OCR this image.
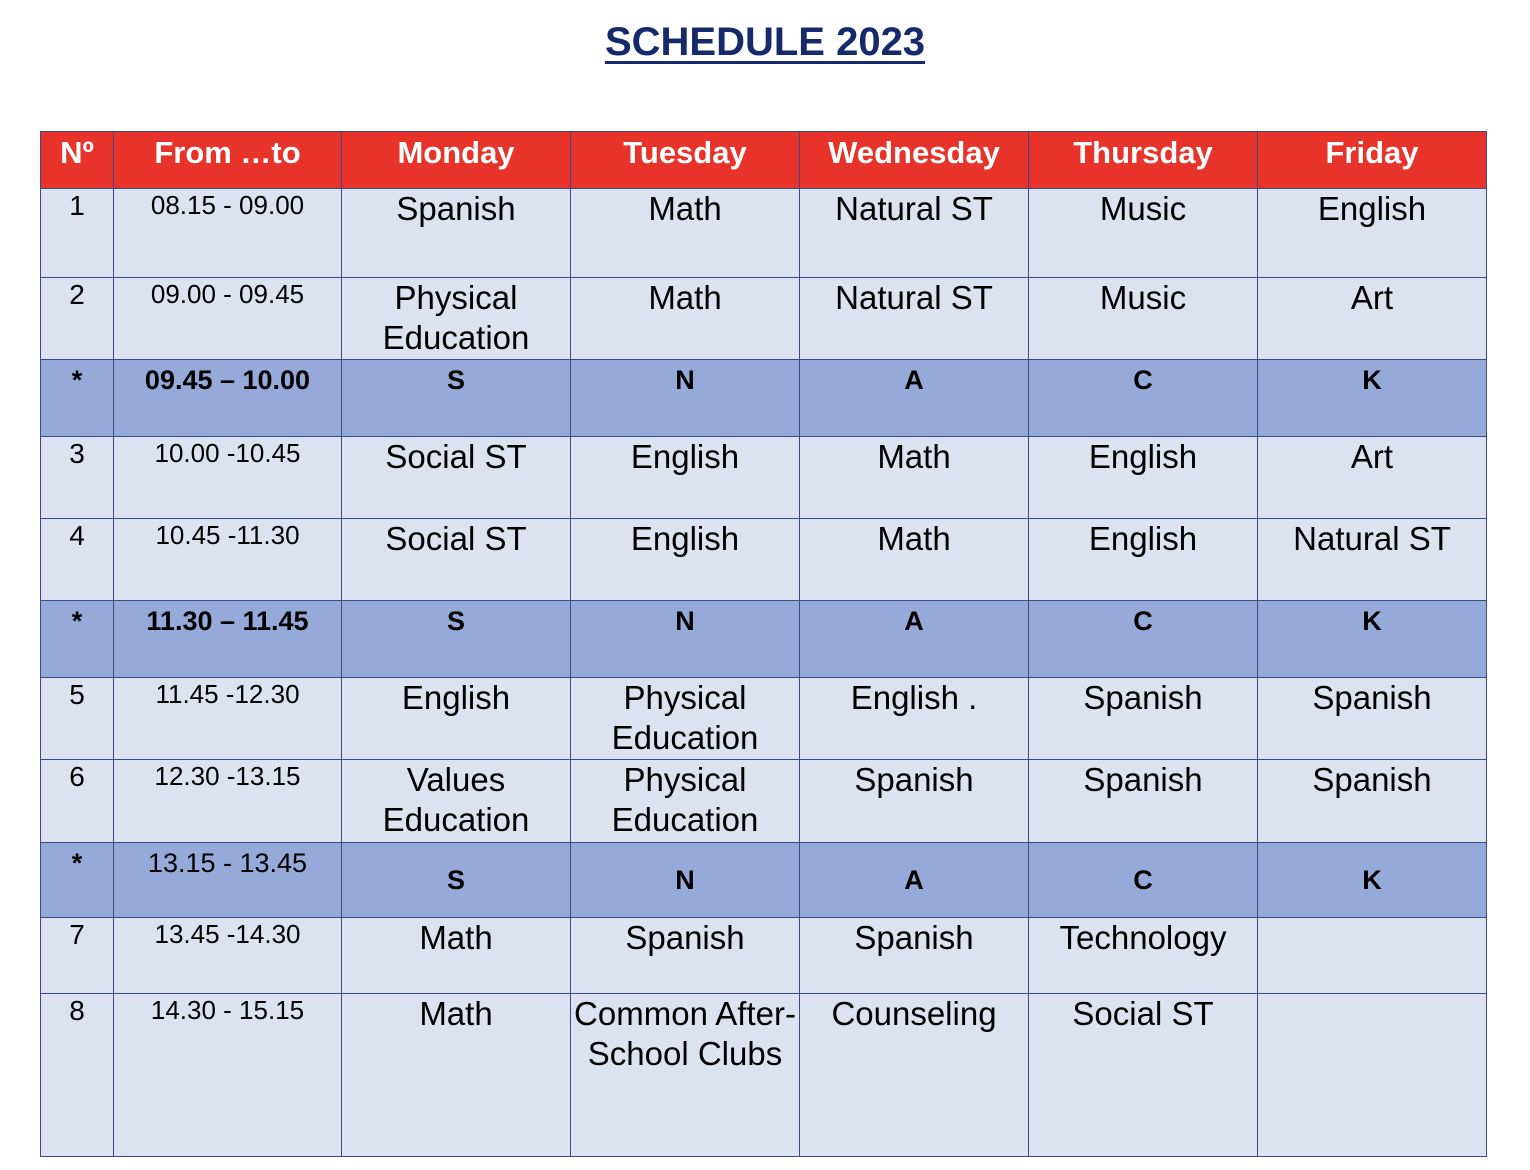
SCHEDULE 2023
Nº	From …to	Monday	Tuesday	Wednesday	Thursday	Friday
1	08.15 - 09.00	Spanish	Math	Natural ST	Music	English
2	09.00 - 09.45	Physical Education	Math	Natural ST	Music	Art
*	09.45 – 10.00	S	N	A	C	K
3	10.00 -10.45	Social ST	English	Math	English	Art
4	10.45 -11.30	Social ST	English	Math	English	Natural ST
*	11.30 – 11.45	S	N	A	C	K
5	11.45 -12.30	English	Physical Education	English .	Spanish	Spanish
6	12.30 -13.15	Values Education	Physical Education	Spanish	Spanish	Spanish
*	13.15 - 13.45	S	N	A	C	K
7	13.45 -14.30	Math	Spanish	Spanish	Technology	
8	14.30 - 15.15	Math	Common After-School Clubs	Counseling	Social ST	
